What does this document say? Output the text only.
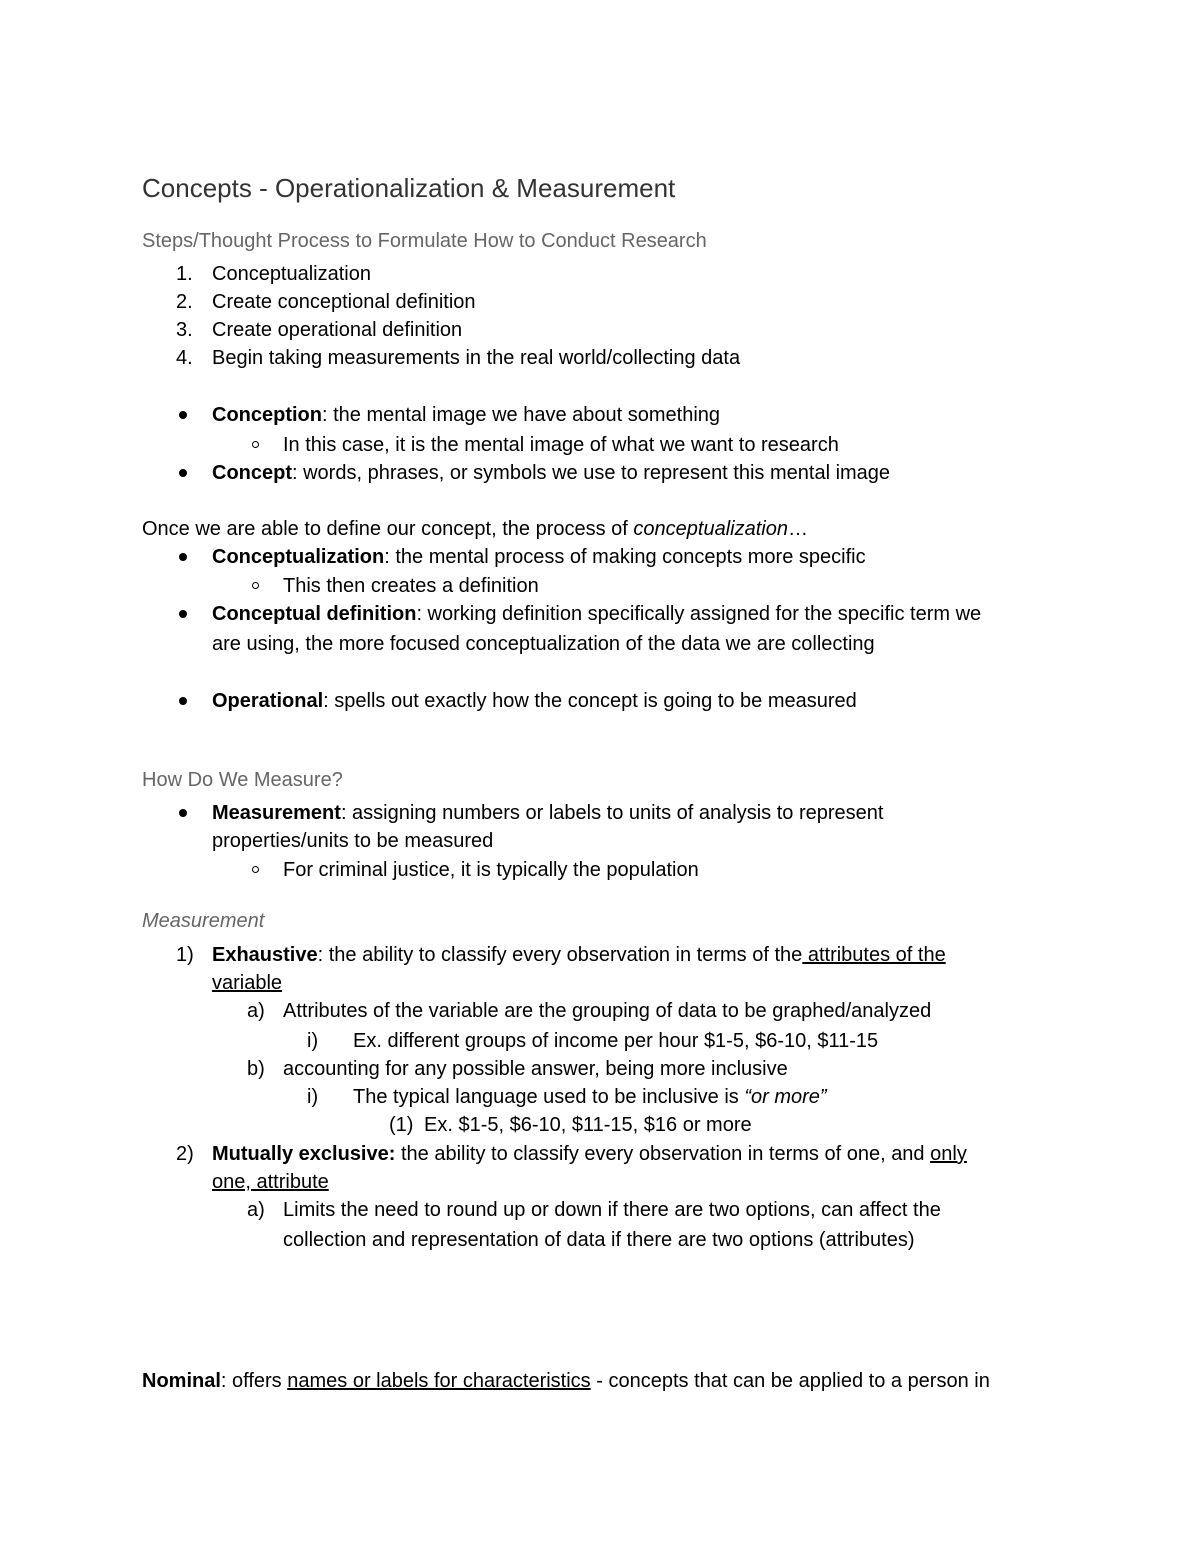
Concepts - Operationalization & Measurement
Steps/Thought Process to Formulate How to Conduct Research
1. Conceptualization
2. Create conceptional definition
3. Create operational definition
4. Begin taking measurements in the real world/collecting data
Conception: the mental image we have about something
In this case, it is the mental image of what we want to research
Concept: words, phrases, or symbols we use to represent this mental image
Once we are able to define our concept, the process of conceptualization…
Conceptualization: the mental process of making concepts more specific
This then creates a definition
Conceptual definition: working definition specifically assigned for the specific term we
are using, the more focused conceptualization of the data we are collecting
Operational: spells out exactly how the concept is going to be measured
How Do We Measure?
Measurement: assigning numbers or labels to units of analysis to represent
properties/units to be measured
For criminal justice, it is typically the population
Measurement
1) Exhaustive: the ability to classify every observation in terms of the attributes of the
variable
a) Attributes of the variable are the grouping of data to be graphed/analyzed
i) Ex. different groups of income per hour $1-5, $6-10, $11-15
b) accounting for any possible answer, being more inclusive
i) The typical language used to be inclusive is “or more”
(1) Ex. $1-5, $6-10, $11-15, $16 or more
2) Mutually exclusive: the ability to classify every observation in terms of one, and only
one, attribute
a) Limits the need to round up or down if there are two options, can affect the
collection and representation of data if there are two options (attributes)
Nominal: offers names or labels for characteristics - concepts that can be applied to a person in
